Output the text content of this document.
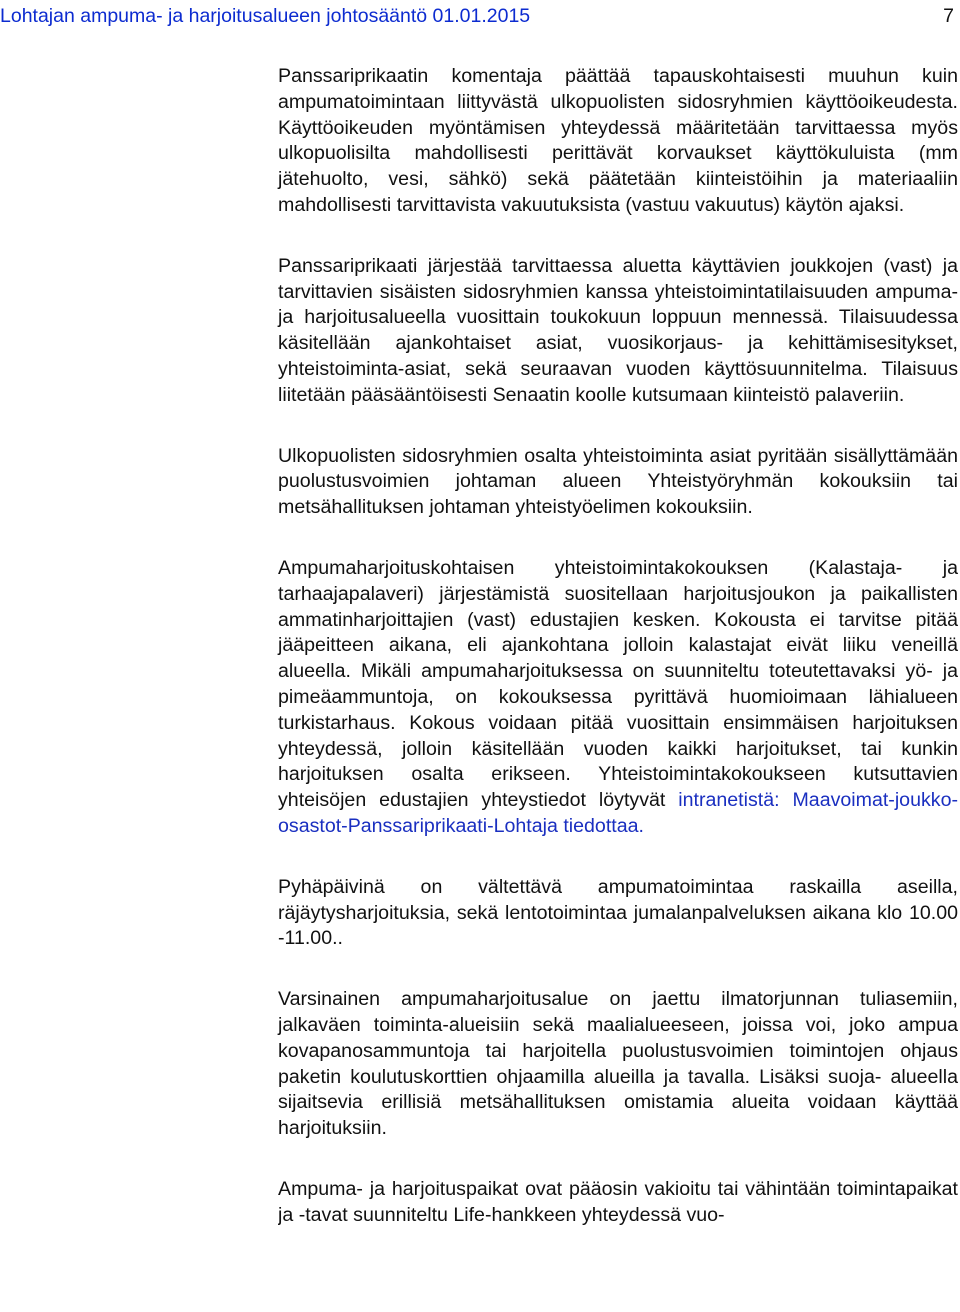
Lohtajan ampuma- ja harjoitusalueen johtosääntö 01.01.2015	7

Panssariprikaatin komentaja päättää tapauskohtaisesti muuhun kuin ampumatoimintaan liittyvästä ulkopuolisten sidosryhmien käyttöoikeudesta. Käyttöoikeuden myöntämisen yhteydessä määritetään tarvittaessa myös ulkopuolisilta mahdollisesti perittävät korvaukset käyttökuluista (mm jätehuolto, vesi, sähkö) sekä päätetään kiinteistöihin ja materiaaliin mahdollisesti tarvittavista vakuutuksista (vastuu vakuutus) käytön ajaksi.

Panssariprikaati järjestää tarvittaessa aluetta käyttävien joukkojen (vast) ja tarvittavien sisäisten sidosryhmien kanssa yhteistoimintatilaisuuden ampuma- ja harjoitusalueella vuosittain toukokuun loppuun mennessä. Tilaisuudessa käsitellään ajankohtaiset asiat, vuosikorjaus- ja kehittämisesitykset, yhteistoiminta-asiat, sekä seuraavan vuoden käyttösuunnitelma. Tilaisuus liitetään pääsääntöisesti Senaatin koolle kutsumaan kiinteistö palaveriin.

Ulkopuolisten sidosryhmien osalta yhteistoiminta asiat pyritään sisällyttämään puolustusvoimien johtaman alueen Yhteistyöryhmän kokouksiin tai metsähallituksen johtaman yhteistyöelimen kokouksiin.

Ampumaharjoituskohtaisen yhteistoimintakokouksen (Kalastaja- ja tarhaajapalaveri) järjestämistä suositellaan harjoitusjoukon ja paikallisten ammatinharjoittajien (vast) edustajien kesken. Kokousta ei tarvitse pitää jääpeitteen aikana, eli ajankohtana jolloin kalastajat eivät liiku veneillä alueella. Mikäli ampumaharjoituksessa on suunniteltu toteutettavaksi yö- ja pimeäammuntoja, on kokouksessa pyrittävä huomioimaan lähialueen turkistarhaus. Kokous voidaan pitää vuosittain ensimmäisen harjoituksen yhteydessä, jolloin käsitellään vuoden kaikki harjoitukset, tai kunkin harjoituksen osalta erikseen. Yhteistoimintakokoukseen kutsuttavien yhteisöjen edustajien yhteystiedot löytyvät intranetistä: Maavoimat-joukko-osastot-Panssariprikaati-Lohtaja tiedottaa.

Pyhäpäivinä on vältettävä ampumatoimintaa raskailla aseilla, räjäytysharjoituksia, sekä lentotoimintaa jumalanpalveluksen aikana klo 10.00 -11.00..

Varsinainen ampumaharjoitusalue on jaettu ilmatorjunnan tuliasemiin, jalkaväen toiminta-alueisiin sekä maalialueeseen, joissa voi, joko ampua kovapanosammuntoja tai harjoitella puolustusvoimien toimintojen ohjaus paketin koulutuskorttien ohjaamilla alueilla ja tavalla. Lisäksi suoja- alueella sijaitsevia erillisiä metsähallituksen omistamia alueita voidaan käyttää harjoituksiin.

Ampuma- ja harjoituspaikat ovat pääosin vakioitu tai vähintään toimintapaikat ja -tavat suunniteltu Life-hankkeen yhteydessä vuo-
